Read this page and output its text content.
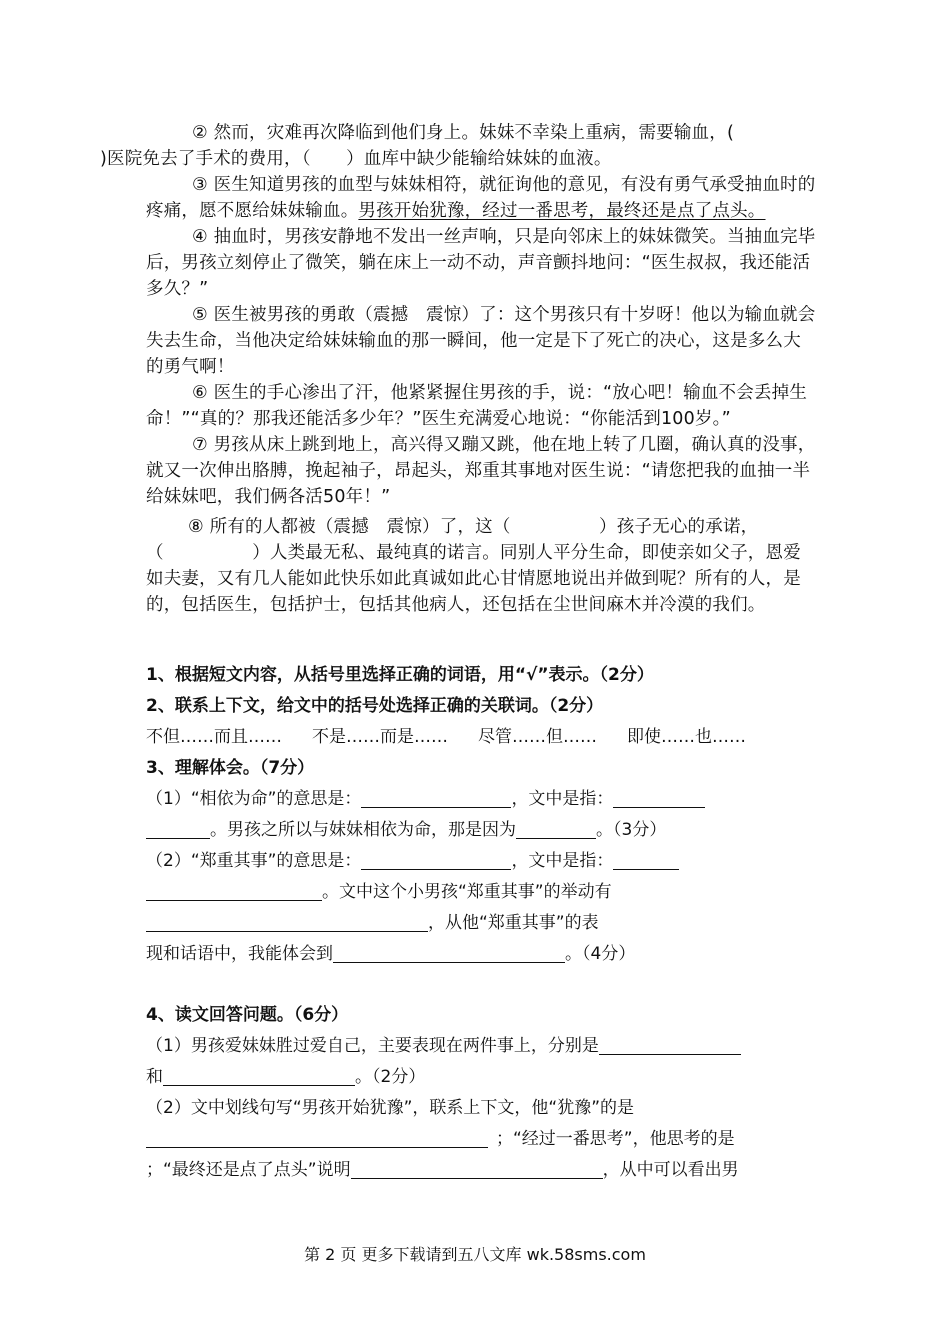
② 然而，灾难再次降临到他们身上。妹妹不幸染上重病，需要输血，(
)医院免去了手术的费用，（　　）血库中缺少能输给妹妹的血液。

③ 医生知道男孩的血型与妹妹相符，就征询他的意见，有没有勇气承受抽血时的疼痛，愿不愿给妹妹输血。男孩开始犹豫，经过一番思考，最终还是点了点头。

④ 抽血时，男孩安静地不发出一丝声响，只是向邻床上的妹妹微笑。当抽血完毕后，男孩立刻停止了微笑，躺在床上一动不动，声音颤抖地问：“医生叔叔，我还能活多久？”

⑤ 医生被男孩的勇敢（震撼　震惊）了：这个男孩只有十岁呀！他以为输血就会失去生命，当他决定给妹妹输血的那一瞬间，他一定是下了死亡的决心，这是多么大的勇气啊！

⑥ 医生的手心渗出了汗，他紧紧握住男孩的手，说：“放心吧！输血不会丢掉生命！”“真的？那我还能活多少年？”医生充满爱心地说：“你能活到100岁。”

⑦ 男孩从床上跳到地上，高兴得又蹦又跳，他在地上转了几圈，确认真的没事，就又一次伸出胳膊，挽起袖子，昂起头，郑重其事地对医生说：“请您把我的血抽一半给妹妹吧，我们俩各活50年！”

⑧ 所有的人都被（震撼　震惊）了，这（　　　　　）孩子无心的承诺，（　　　　　）人类最无私、最纯真的诺言。同别人平分生命，即使亲如父子，恩爱如夫妻，又有几人能如此快乐如此真诚如此心甘情愿地说出并做到呢？所有的人，是的，包括医生，包括护士，包括其他病人，还包括在尘世间麻木并冷漠的我们。

1、根据短文内容，从括号里选择正确的词语，用“√”表示。（2分）

2、联系上下文，给文中的括号处选择正确的关联词。（2分）

不但……而且…… 不是……而是…… 尽管……但…… 即使……也……

3、理解体会。（7分）

（1）“相依为命”的意思是：	，文中是指：

。男孩之所以与妹妹相依为命，那是因为	。（3分）

（2）“郑重其事”的意思是：	，文中是指：

。文中这个小男孩“郑重其事”的举动有

，从他“郑重其事”的表

现和话语中，我能体会到	。（4分）

4、读文回答问题。（6分）

（1）男孩爱妹妹胜过爱自己，主要表现在两件事上，分别是

和	。（2分）

（2）文中划线句写“男孩开始犹豫”，联系上下文，他“犹豫”的是

；“经过一番思考”，他思考的是

；“最终还是点了点头”说明	，从中可以看出男

第 2 页 更多下载请到五八文库 wk.58sms.com
